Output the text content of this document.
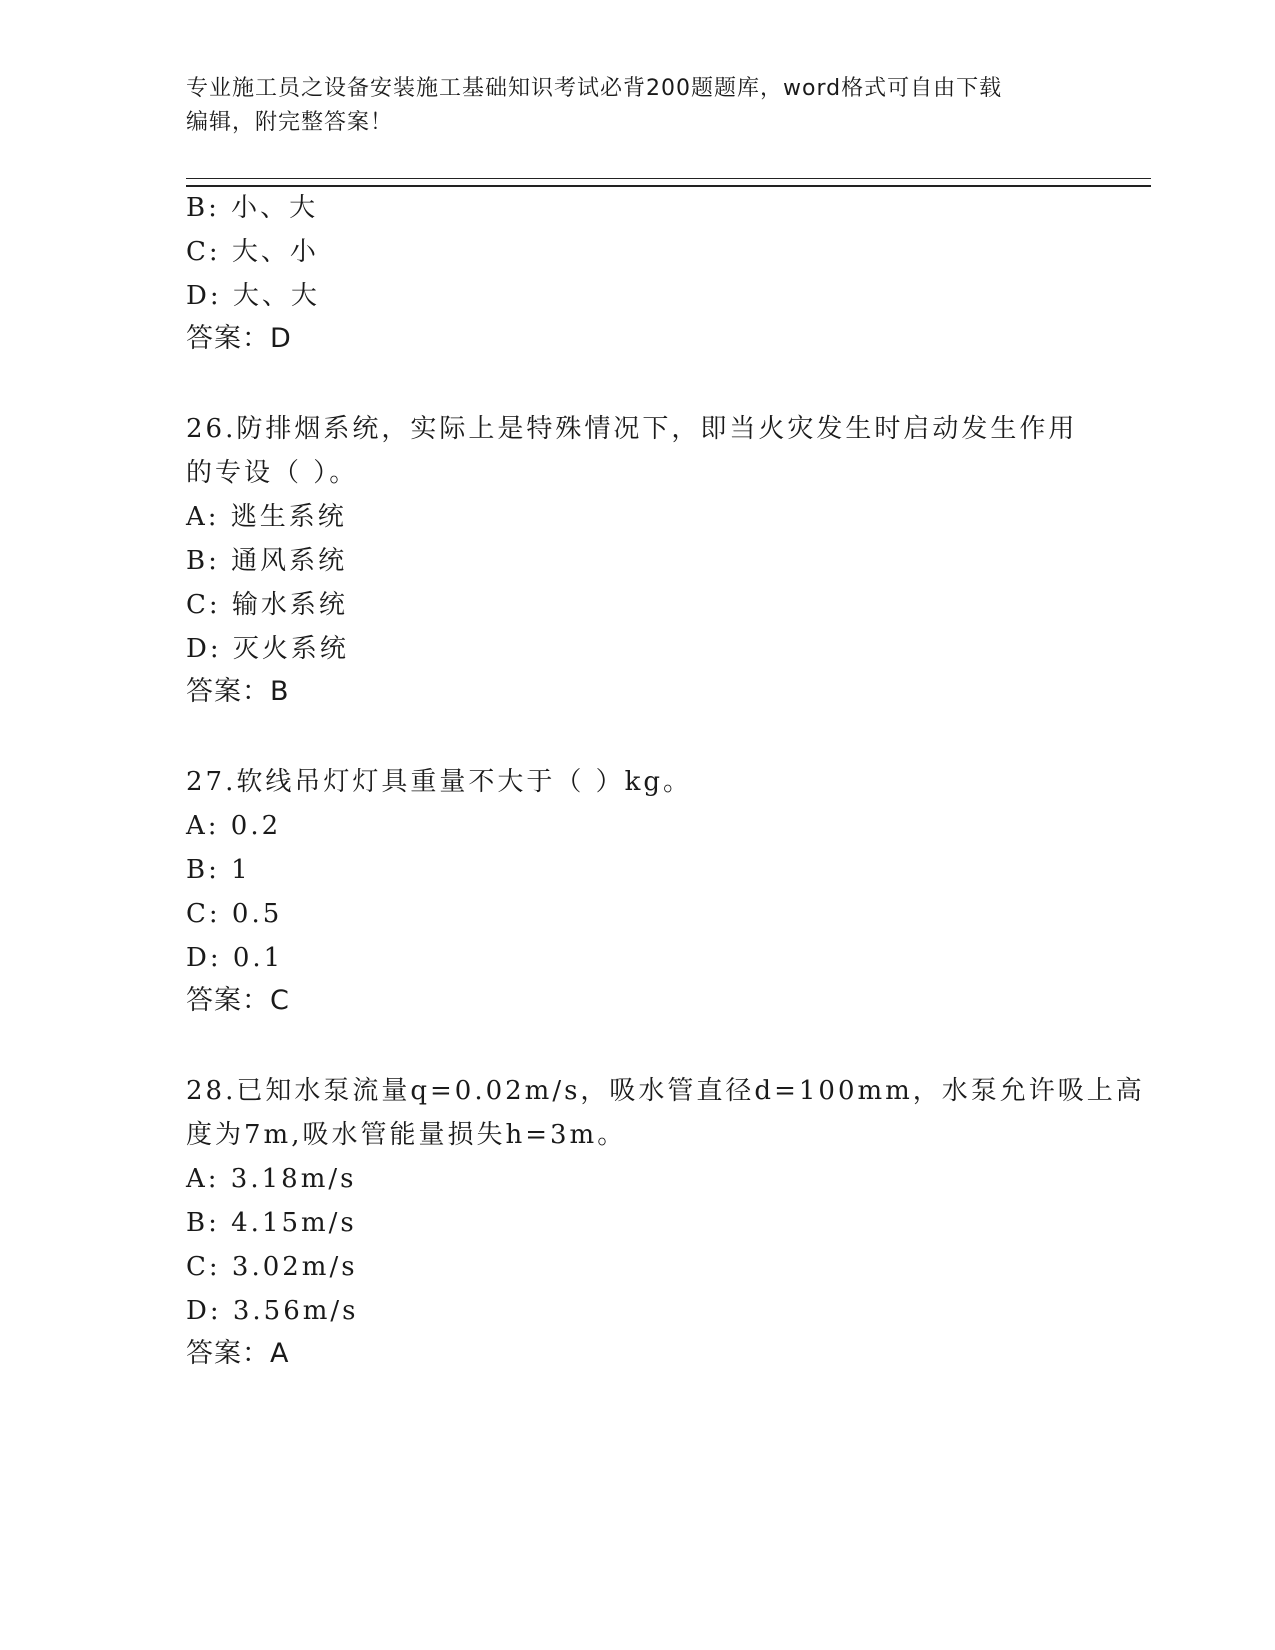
专业施工员之设备安装施工基础知识考试必背200题题库，word格式可自由下载
编辑，附完整答案！
B: 小、大
C: 大、小
D: 大、大
答案：D
26.防排烟系统，实际上是特殊情况下，即当火灾发生时启动发生作用
的专设（ ）。
A: 逃生系统
B: 通风系统
C: 输水系统
D: 灭火系统
答案：B
27.软线吊灯灯具重量不大于（ ）kg。
A: 0.2
B: 1
C: 0.5
D: 0.1
答案：C
28.已知水泵流量q=0.02m/s，吸水管直径d=100mm，水泵允许吸上高
度为7m,吸水管能量损失h=3m。
A: 3.18m/s
B: 4.15m/s
C: 3.02m/s
D: 3.56m/s
答案：A
